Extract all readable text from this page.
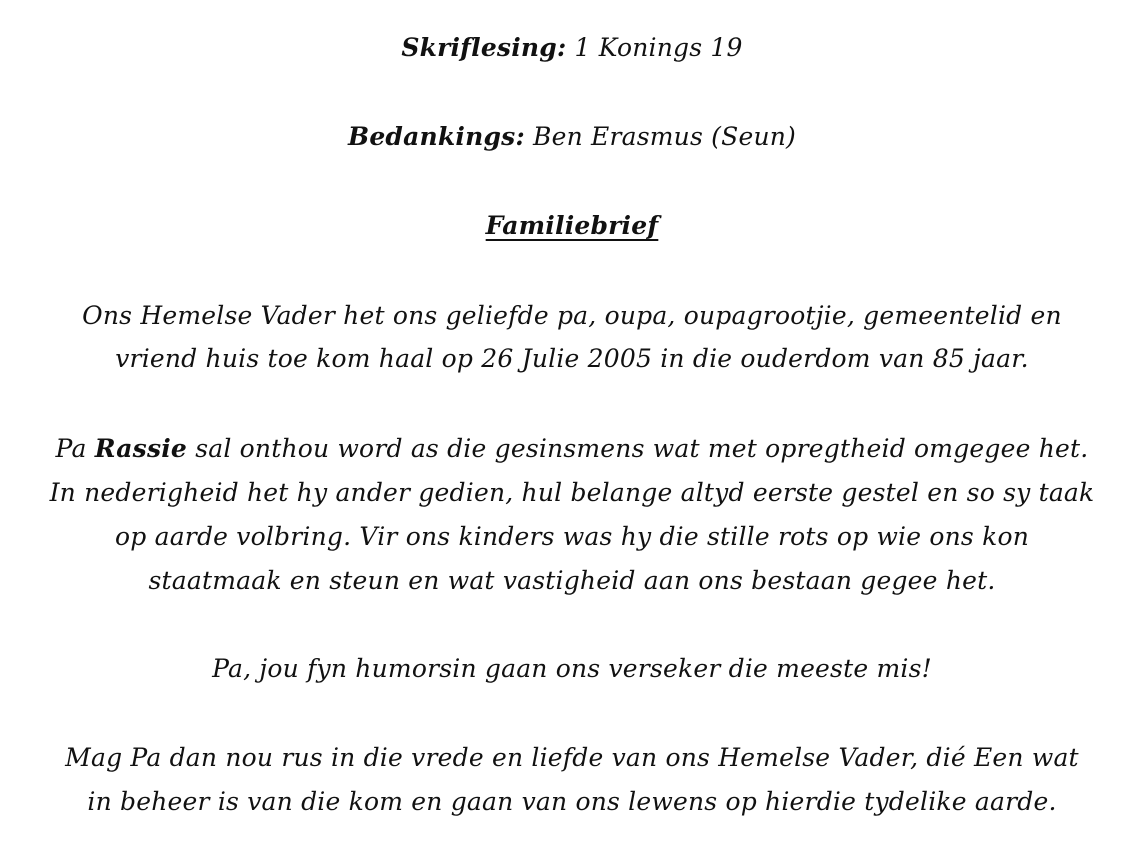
Skriflesing: 1 Konings 19
Bedankings: Ben Erasmus (Seun)
Familiebrief
Ons Hemelse Vader het ons geliefde pa, oupa, oupagrootjie, gemeentelid en
vriend huis toe kom haal op 26 Julie 2005 in die ouderdom van 85 jaar.
Pa Rassie sal onthou word as die gesinsmens wat met opregtheid omgegee het.
In nederigheid het hy ander gedien, hul belange altyd eerste gestel en so sy taak
op aarde volbring. Vir ons kinders was hy die stille rots op wie ons kon
staatmaak en steun en wat vastigheid aan ons bestaan gegee het.
Pa, jou fyn humorsin gaan ons verseker die meeste mis!
Mag Pa dan nou rus in die vrede en liefde van ons Hemelse Vader, dié Een wat
in beheer is van die kom en gaan van ons lewens op hierdie tydelike aarde.
